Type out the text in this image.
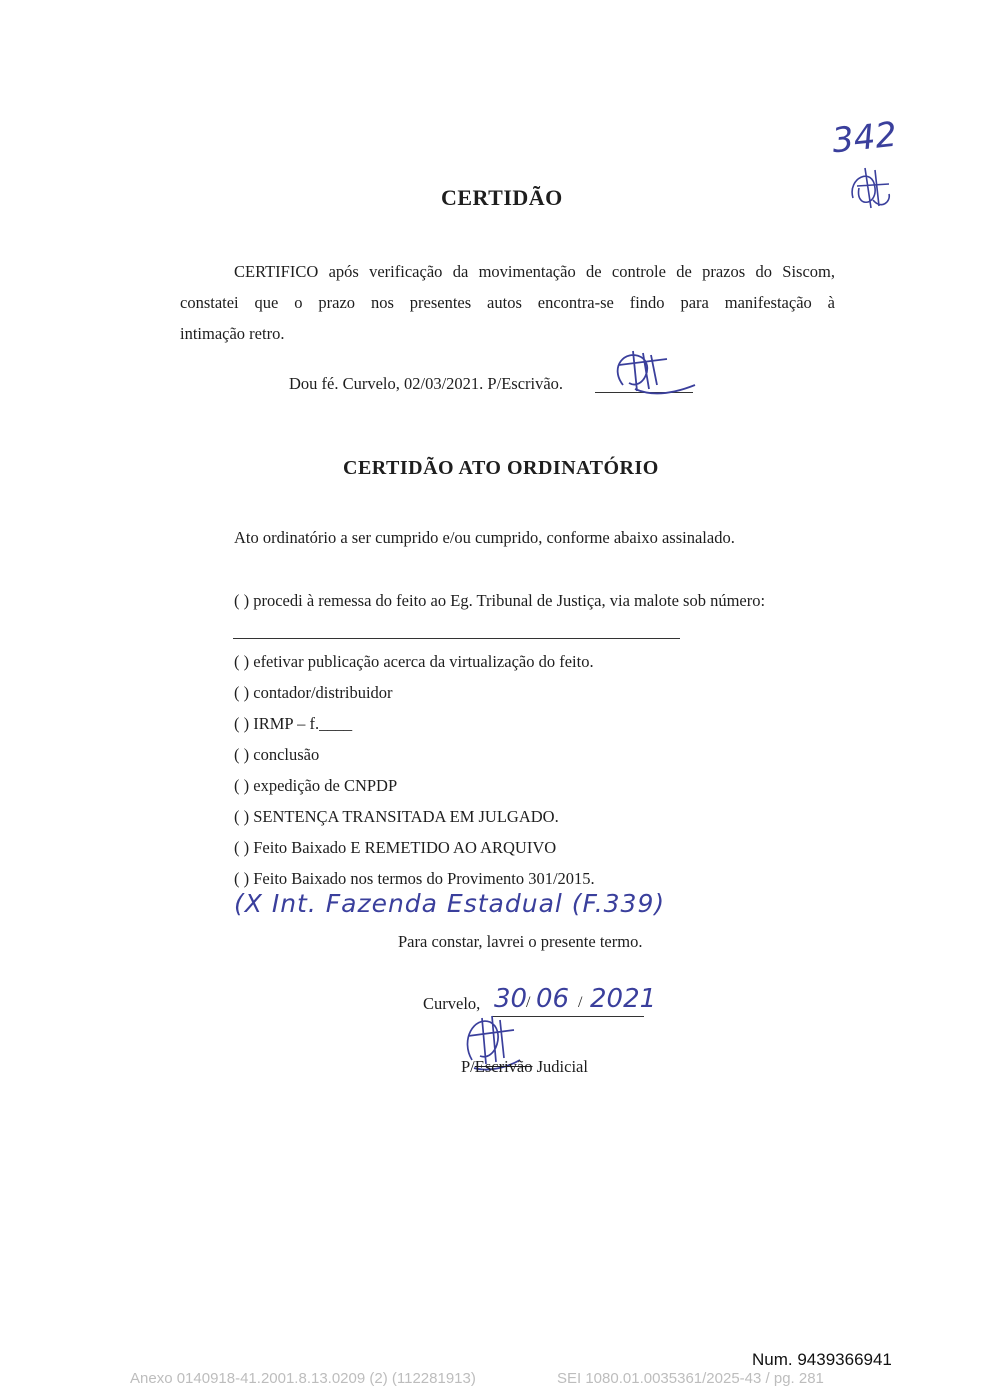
342
CERTIDÃO
CERTIFICO após verificação da movimentação de controle de prazos do Siscom,
constatei que o prazo nos presentes autos encontra-se findo para manifestação à
intimação retro.
Dou fé. Curvelo, 02/03/2021. P/Escrivão.
CERTIDÃO ATO ORDINATÓRIO
Ato ordinatório a ser cumprido e/ou cumprido, conforme abaixo assinalado.
( ) procedi à remessa do feito ao Eg. Tribunal de Justiça, via malote sob número:
( ) efetivar publicação acerca da virtualização do feito.
( ) contador/distribuidor
( ) IRMP – f.____
( ) conclusão
( ) expedição de CNPDP
( ) SENTENÇA TRANSITADA EM JULGADO.
( ) Feito Baixado E REMETIDO AO ARQUIVO
( ) Feito Baixado nos termos do Provimento 301/2015.
(X Int. Fazenda Estadual (F.339)
Para constar, lavrei o presente termo.
Curvelo, 30
/ 06 / 2021
P/Escrivão Judicial
Num. 9439366941
Anexo 0140918-41.2001.8.13.0209 (2) (112281913)	SEI 1080.01.0035361/2025-43 / pg. 281
